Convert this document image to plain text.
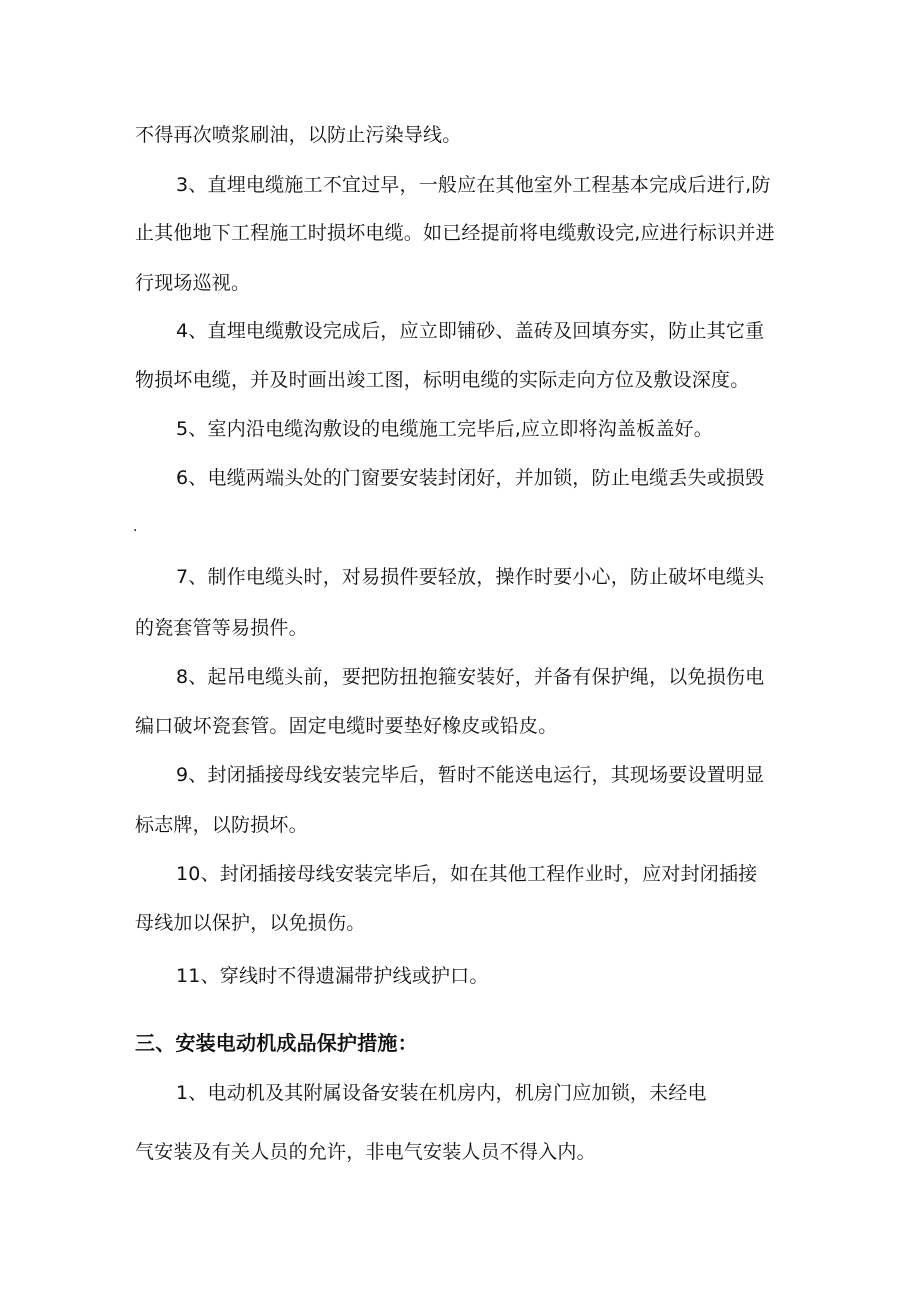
不得再次喷浆刷油，以防止污染导线。
3、直埋电缆施工不宜过早，一般应在其他室外工程基本完成后进行,防
止其他地下工程施工时损坏电缆。如已经提前将电缆敷设完,应进行标识并进
行现场巡视。
4、直埋电缆敷设完成后，应立即铺砂、盖砖及回填夯实，防止其它重
物损坏电缆，并及时画出竣工图，标明电缆的实际走向方位及敷设深度。
5、室内沿电缆沟敷设的电缆施工完毕后,应立即将沟盖板盖好。
6、电缆两端头处的门窗要安装封闭好，并加锁，防止电缆丢失或损毁
.
7、制作电缆头时，对易损件要轻放，操作时要小心，防止破坏电缆头
的瓷套管等易损件。
8、起吊电缆头前，要把防扭抱箍安装好，并备有保护绳，以免损伤电
编口破坏瓷套管。固定电缆时要垫好橡皮或铅皮。
9、封闭插接母线安装完毕后，暂时不能送电运行，其现场要设置明显
标志牌，以防损坏。
10、封闭插接母线安装完毕后，如在其他工程作业时，应对封闭插接
母线加以保护，以免损伤。
11、穿线时不得遗漏带护线或护口。
三、安装电动机成品保护措施：
1、电动机及其附属设备安装在机房内，机房门应加锁，未经电
气安装及有关人员的允许，非电气安装人员不得入内。
